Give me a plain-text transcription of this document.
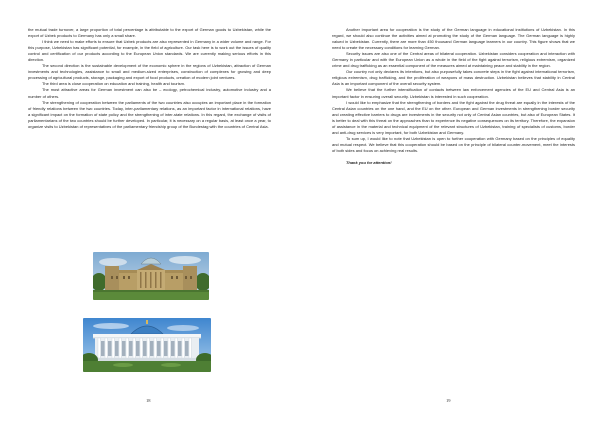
the mutual trade turnover, a large proportion of total percentage is attributable to the export of German goods to Uzbekistan, while the export of Uzbek products to Germany has only a small share.

I think we need to make efforts to ensure that Uzbek products are also represented in Germany in a wider volume and range. For this purpose, Uzbekistan has significant potential, for example, in the field of agriculture. Our task here is to work out the issues of quality control and certification of our products according to the European Union standards. We are currently making serious efforts in this direction.

The second direction is the sustainable development of the economic sphere in the regions of Uzbekistan, attraction of German investments and technologies, assistance to small and medium-sized enterprises, construction of complexes for growing and deep processing of agricultural products, storage, packaging and export of food products, creation of modern joint ventures.

The third area is close cooperation on education and training, health and tourism.

The most attractive areas for German investment can also be – ecology, petrochemical industry, automotive industry and a number of others.

The strengthening of cooperation between the parliaments of the two countries also occupies an important place in the formation of friendly relations between the two countries. Today, inter-parliamentary relations, as an important factor in international relations, have a significant impact on the formation of state policy and the strengthening of inter-state relations. In this regard, the exchange of visits of parliamentarians of the two countries should be further developed. In particular, it is necessary on a regular basis, at least once a year, to organize visits to Uzbekistan of representatives of the parliamentary friendship group of the Bundestag with the countries of Central Asia.

18

Another important area for cooperation is the study of the German language in educational institutions of Uzbekistan. In this regard, we should also continue the activities aimed at promoting the study of the German language. The German language is highly valued in Uzbekistan. Currently, there are more than 450 thousand German language learners in our country. This figure shows that we need to create the necessary conditions for learning German.

Security issues are also one of the Central areas of bilateral cooperation. Uzbekistan considers cooperation and interaction with Germany in particular and with the European Union as a whole in the field of the fight against terrorism, religious extremism, organized crime and drug trafficking as an essential component of the measures aimed at maintaining peace and stability in the region.

Our country not only declares its intentions, but also purposefully takes concrete steps in the fight against international terrorism, religious extremism, drug trafficking, and the proliferation of weapons of mass destruction. Uzbekistan believes that stability in Central Asia is an important component of the overall security system.

We believe that the further intensification of contacts between law enforcement agencies of the EU and Central Asia is an important factor in ensuring overall security. Uzbekistan is interested in such cooperation.

I would like to emphasize that the strengthening of borders and the fight against the drug threat are equally in the interests of the Central Asian countries on the one hand, and the EU on the other. European and German investments in strengthening border security and creating effective barriers to drugs are investments in the security not only of Central Asian countries, but also of European States. It is better to deal with this threat on the approaches than to experience its negative consequences on its territory. Therefore, the expansion of assistance in the material and technical equipment of the relevant structures of Uzbekistan, training of specialists of customs, border and anti-drug services is very important, for both Uzbekistan and Germany.

To sum up, I would like to note that Uzbekistan is open to further cooperation with Germany based on the principles of equality and mutual respect. We believe that this cooperation should be based on the principle of bilateral counter-movement, meet the interests of both sides and focus on achieving real results.

Thank you for attention!

19
